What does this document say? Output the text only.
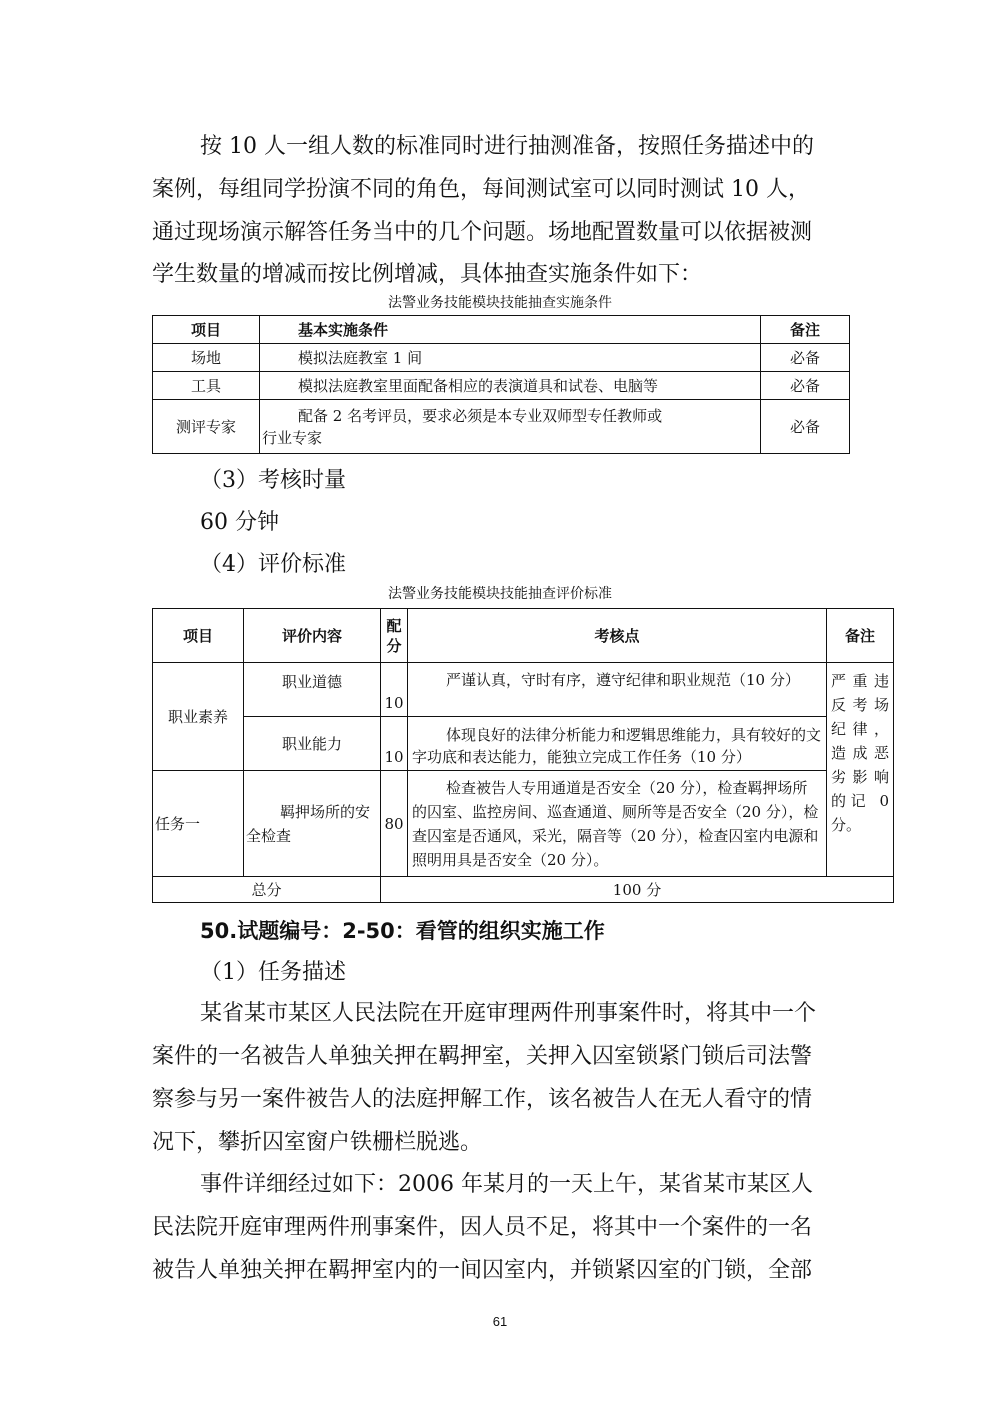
按 10 人一组人数的标准同时进行抽测准备，按照任务描述中的
案例，每组同学扮演不同的角色，每间测试室可以同时测试 10 人，
通过现场演示解答任务当中的几个问题。场地配置数量可以依据被测
学生数量的增减而按比例增减，具体抽查实施条件如下：
法警业务技能模块技能抽查实施条件
项目	基本实施条件	备注
场地	模拟法庭教室 1 间	必备
工具	模拟法庭教室里面配备相应的表演道具和试卷、电脑等	必备
测评专家	配备 2 名考评员，要求必须是本专业双师型专任教师或
行业专家	必备
（3）考核时量
60 分钟
（4）评价标准
法警业务技能模块技能抽查评价标准
项目	评价内容	配分	考核点	备注
职业素养	职业道德	10	严谨认真，守时有序，遵守纪律和职业规范（10 分）	严重违反考场纪律，造成恶劣影响的记 0 分。
	职业能力	10	体现良好的法律分析能力和逻辑思维能力，具有较好的文字功底和表达能力，能独立完成工作任务（10 分）	
任务一	羁押场所的安全检查	80	检查被告人专用通道是否安全（20 分），检查羁押场所的囚室、监控房间、巡查通道、厕所等是否安全（20 分），检查囚室是否通风，采光，隔音等（20 分），检查囚室内电源和照明用具是否安全（20 分）。	
总分		100 分		
50.试题编号：2-50：看管的组织实施工作
（1）任务描述
某省某市某区人民法院在开庭审理两件刑事案件时，将其中一个
案件的一名被告人单独关押在羁押室，关押入囚室锁紧门锁后司法警
察参与另一案件被告人的法庭押解工作，该名被告人在无人看守的情
况下，攀折囚室窗户铁栅栏脱逃。
事件详细经过如下：2006 年某月的一天上午，某省某市某区人
民法院开庭审理两件刑事案件，因人员不足，将其中一个案件的一名
被告人单独关押在羁押室内的一间囚室内，并锁紧囚室的门锁，全部
61
